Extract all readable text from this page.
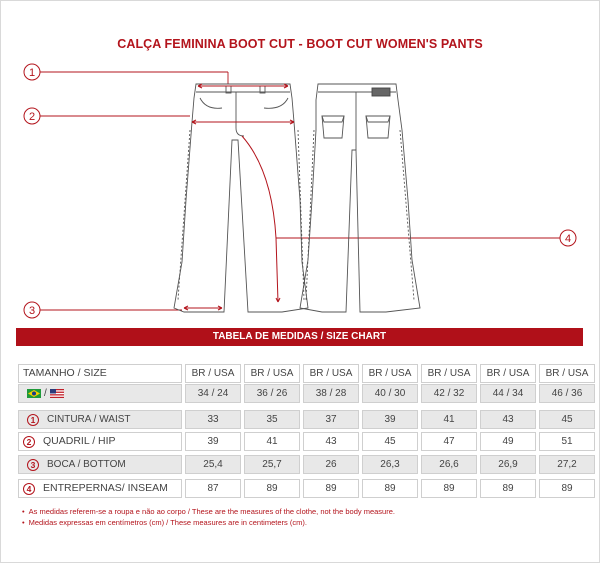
CALÇA FEMININA BOOT CUT - BOOT CUT WOMEN'S PANTS
1
2
3
4
TABELA DE MEDIDAS / SIZE CHART
TAMANHO / SIZE	BR / USA	BR / USA	BR / USA	BR / USA	BR / USA	BR / USA	BR / USA
/	34 / 24	36 / 26	38 / 28	40 / 30	42 / 32	44 / 34	46 / 36
1	CINTURA / WAIST	33	35	37	39	41	43	45
2	QUADRIL / HIP	39	41	43	45	47	49	51
3	BOCA / BOTTOM	25,4	25,7	26	26,3	26,6	26,9	27,2
4	ENTREPERNAS/ INSEAM	87	89	89	89	89	89	89
• As medidas referem-se a roupa e não ao corpo / These are the measures of the clothe, not the body measure.
• Medidas expressas em centímetros (cm) / These measures are in centimeters (cm).
